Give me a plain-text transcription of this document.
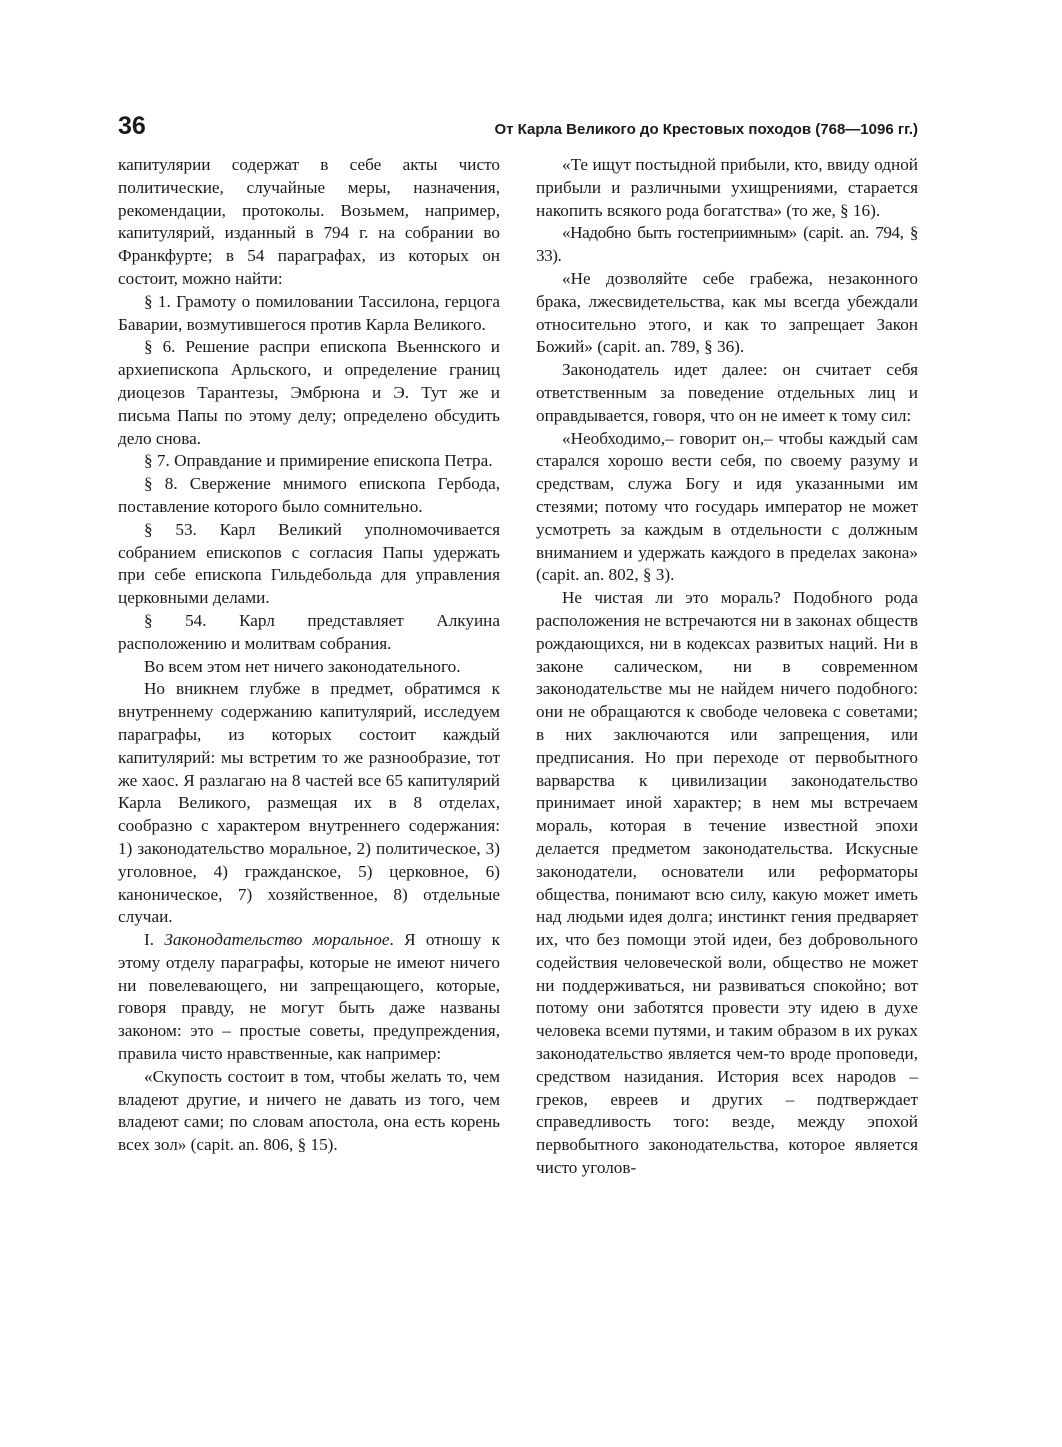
36	От Карла Великого до Крестовых походов (768—1096 гг.)

капитулярии содержат в себе акты чисто политические, случайные меры, назначения, рекомендации, протоколы. Возьмем, например, капитулярий, изданный в 794 г. на собрании во Франкфурте; в 54 параграфах, из которых он состоит, можно найти:

§ 1. Грамоту о помиловании Тассилона, герцога Баварии, возмутившегося против Карла Великого.

§ 6. Решение распри епископа Вьеннского и архиепископа Арльского, и определение границ диоцезов Тарантезы, Эмбрюна и Э. Тут же и письма Папы по этому делу; определено обсудить дело снова.

§ 7. Оправдание и примирение епископа Петра.

§ 8. Свержение мнимого епископа Гербода, поставление которого было сомнительно.

§ 53. Карл Великий уполномочивается собранием епископов с согласия Папы удержать при себе епископа Гильдебольда для управления церковными делами.

§ 54. Карл представляет Алкуина расположению и молитвам собрания.

Во всем этом нет ничего законодательного.

Но вникнем глубже в предмет, обратимся к внутреннему содержанию капитулярий, исследуем параграфы, из которых состоит каждый капитулярий: мы встретим то же разнообразие, тот же хаос. Я разлагаю на 8 частей все 65 капитулярий Карла Великого, размещая их в 8 отделах, сообразно с характером внутреннего содержания: 1) законодательство моральное, 2) политическое, 3) уголовное, 4) гражданское, 5) церковное, 6) каноническое, 7) хозяйственное, 8) отдельные случаи.

I. Законодательство моральное. Я отношу к этому отделу параграфы, которые не имеют ничего ни повелевающего, ни запрещающего, которые, говоря правду, не могут быть даже названы законом: это – простые советы, предупреждения, правила чисто нравственные, как например:

«Скупость состоит в том, чтобы желать то, чем владеют другие, и ничего не давать из того, чем владеют сами; по словам апостола, она есть корень всех зол» (capit. an. 806, § 15).

«Те ищут постыдной прибыли, кто, ввиду одной прибыли и различными ухищрениями, старается накопить всякого рода богатства» (то же, § 16).

«Надобно быть гостеприимным» (capit. an. 794, § 33).

«Не дозволяйте себе грабежа, незаконного брака, лжесвидетельства, как мы всегда убеждали относительно этого, и как то запрещает Закон Божий» (capit. an. 789, § 36).

Законодатель идет далее: он считает себя ответственным за поведение отдельных лиц и оправдывается, говоря, что он не имеет к тому сил:

«Необходимо,– говорит он,– чтобы каждый сам старался хорошо вести себя, по своему разуму и средствам, служа Богу и идя указанными им стезями; потому что государь император не может усмотреть за каждым в отдельности с должным вниманием и удержать каждого в пределах закона» (capit. an. 802, § 3).

Не чистая ли это мораль? Подобного рода расположения не встречаются ни в законах обществ рождающихся, ни в кодексах развитых наций. Ни в законе салическом, ни в современном законодательстве мы не найдем ничего подобного: они не обращаются к свободе человека с советами; в них заключаются или запрещения, или предписания. Но при переходе от первобытного варварства к цивилизации законодательство принимает иной характер; в нем мы встречаем мораль, которая в течение известной эпохи делается предметом законодательства. Искусные законодатели, основатели или реформаторы общества, понимают всю силу, какую может иметь над людьми идея долга; инстинкт гения предваряет их, что без помощи этой идеи, без добровольного содействия человеческой воли, общество не может ни поддерживаться, ни развиваться спокойно; вот потому они заботятся провести эту идею в духе человека всеми путями, и таким образом в их руках законодательство является чем-то вроде проповеди, средством назидания. История всех народов – греков, евреев и других – подтверждает справедливость того: везде, между эпохой первобытного законодательства, которое является чисто уголов-
